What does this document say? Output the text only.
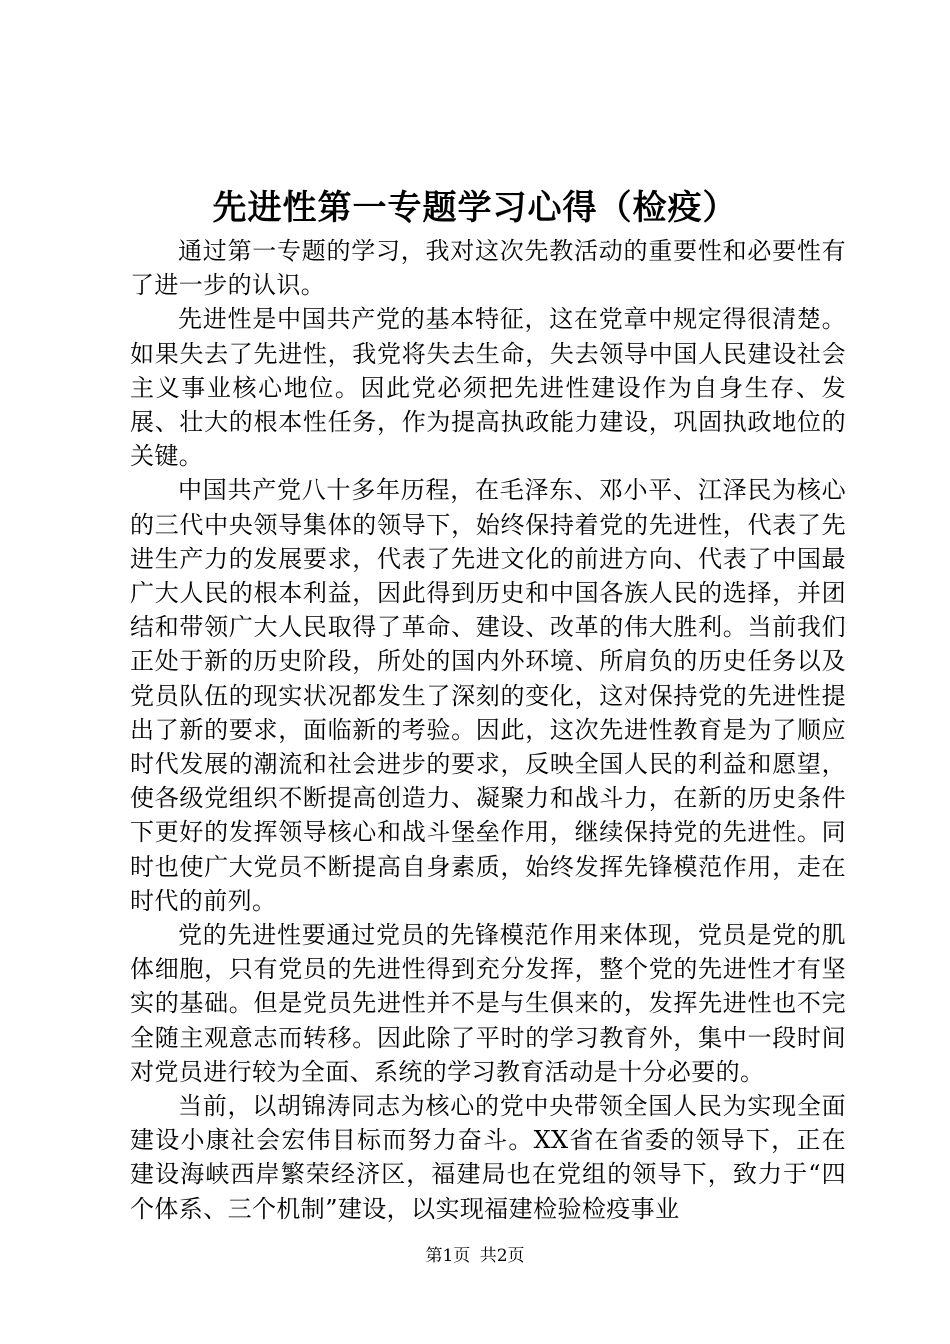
先进性第一专题学习心得（检疫）

通过第一专题的学习，我对这次先教活动的重要性和必要性有了进一步的认识。

先进性是中国共产党的基本特征，这在党章中规定得很清楚。如果失去了先进性，我党将失去生命，失去领导中国人民建设社会主义事业核心地位。因此党必须把先进性建设作为自身生存、发展、壮大的根本性任务，作为提高执政能力建设，巩固执政地位的关键。

中国共产党八十多年历程，在毛泽东、邓小平、江泽民为核心的三代中央领导集体的领导下，始终保持着党的先进性，代表了先进生产力的发展要求，代表了先进文化的前进方向、代表了中国最广大人民的根本利益，因此得到历史和中国各族人民的选择，并团结和带领广大人民取得了革命、建设、改革的伟大胜利。当前我们正处于新的历史阶段，所处的国内外环境、所肩负的历史任务以及党员队伍的现实状况都发生了深刻的变化，这对保持党的先进性提出了新的要求，面临新的考验。因此，这次先进性教育是为了顺应时代发展的潮流和社会进步的要求，反映全国人民的利益和愿望，使各级党组织不断提高创造力、凝聚力和战斗力，在新的历史条件下更好的发挥领导核心和战斗堡垒作用，继续保持党的先进性。同时也使广大党员不断提高自身素质，始终发挥先锋模范作用，走在时代的前列。

党的先进性要通过党员的先锋模范作用来体现，党员是党的肌体细胞，只有党员的先进性得到充分发挥，整个党的先进性才有坚实的基础。但是党员先进性并不是与生俱来的，发挥先进性也不完全随主观意志而转移。因此除了平时的学习教育外，集中一段时间对党员进行较为全面、系统的学习教育活动是十分必要的。

当前，以胡锦涛同志为核心的党中央带领全国人民为实现全面建设小康社会宏伟目标而努力奋斗。XX省在省委的领导下，正在建设海峡西岸繁荣经济区，福建局也在党组的领导下，致力于“四个体系、三个机制”建设，以实现福建检验检疫事业

第1页 共2页
